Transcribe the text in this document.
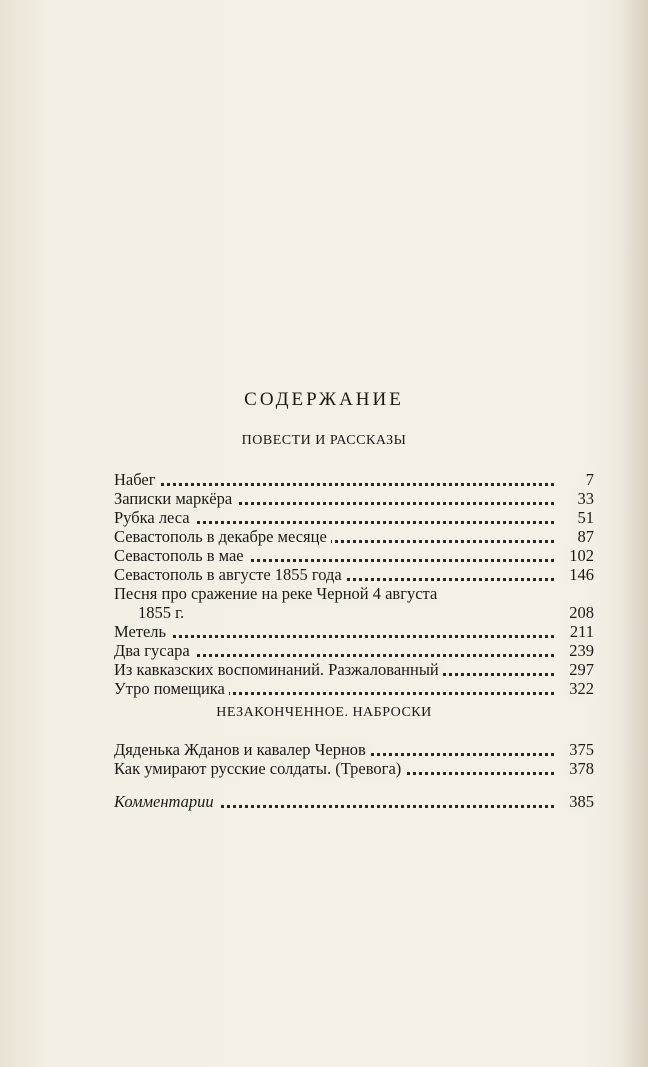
СОДЕРЖАНИЕ
ПОВЕСТИ И РАССКАЗЫ
Набег	7
Записки маркёра	33
Рубка леса	51
Севастополь в декабре месяце	87
Севастополь в мае	102
Севастополь в августе 1855 года	146
Песня про сражение на реке Черной 4 августа
1855 г.	208
Метель	211
Два гусара	239
Из кавказских воспоминаний. Разжалованный	297
Утро помещика	322
НЕЗАКОНЧЕННОЕ. НАБРОСКИ
Дяденька Жданов и кавалер Чернов	375
Как умирают русские солдаты. (Тревога)	378
Комментарии	385
